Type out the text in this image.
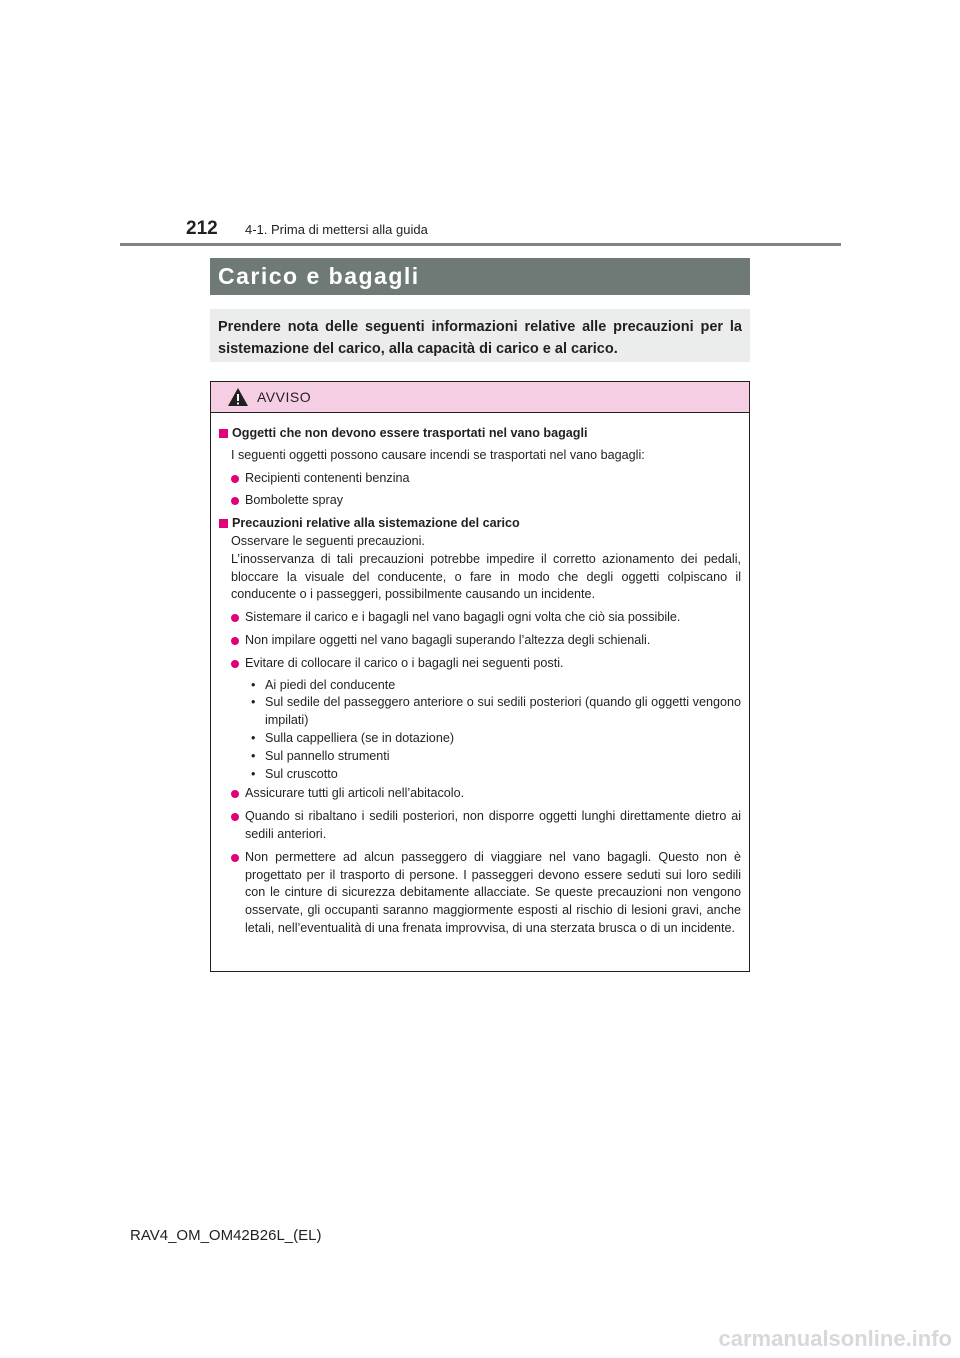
212 4-1. Prima di mettersi alla guida
Carico e bagagli
Prendere nota delle seguenti informazioni relative alle precauzioni per la sistemazione del carico, alla capacità di carico e al carico.
AVVISO
Oggetti che non devono essere trasportati nel vano bagagli
I seguenti oggetti possono causare incendi se trasportati nel vano bagagli:
Recipienti contenenti benzina
Bombolette spray
Precauzioni relative alla sistemazione del carico
Osservare le seguenti precauzioni.
L’inosservanza di tali precauzioni potrebbe impedire il corretto azionamento dei pedali, bloccare la visuale del conducente, o fare in modo che degli oggetti colpiscano il conducente o i passeggeri, possibilmente causando un incidente.
Sistemare il carico e i bagagli nel vano bagagli ogni volta che ciò sia possibile.
Non impilare oggetti nel vano bagagli superando l’altezza degli schienali.
Evitare di collocare il carico o i bagagli nei seguenti posti.
• Ai piedi del conducente
• Sul sedile del passeggero anteriore o sui sedili posteriori (quando gli oggetti vengono impilati)
• Sulla cappelliera (se in dotazione)
• Sul pannello strumenti
• Sul cruscotto
Assicurare tutti gli articoli nell’abitacolo.
Quando si ribaltano i sedili posteriori, non disporre oggetti lunghi direttamente dietro ai sedili anteriori.
Non permettere ad alcun passeggero di viaggiare nel vano bagagli. Questo non è progettato per il trasporto di persone. I passeggeri devono essere seduti sui loro sedili con le cinture di sicurezza debitamente allacciate. Se queste precauzioni non vengono osservate, gli occupanti saranno maggiormente esposti al rischio di lesioni gravi, anche letali, nell’eventualità di una frenata improvvisa, di una sterzata brusca o di un incidente.
RAV4_OM_OM42B26L_(EL)
carmanualsonline.info
